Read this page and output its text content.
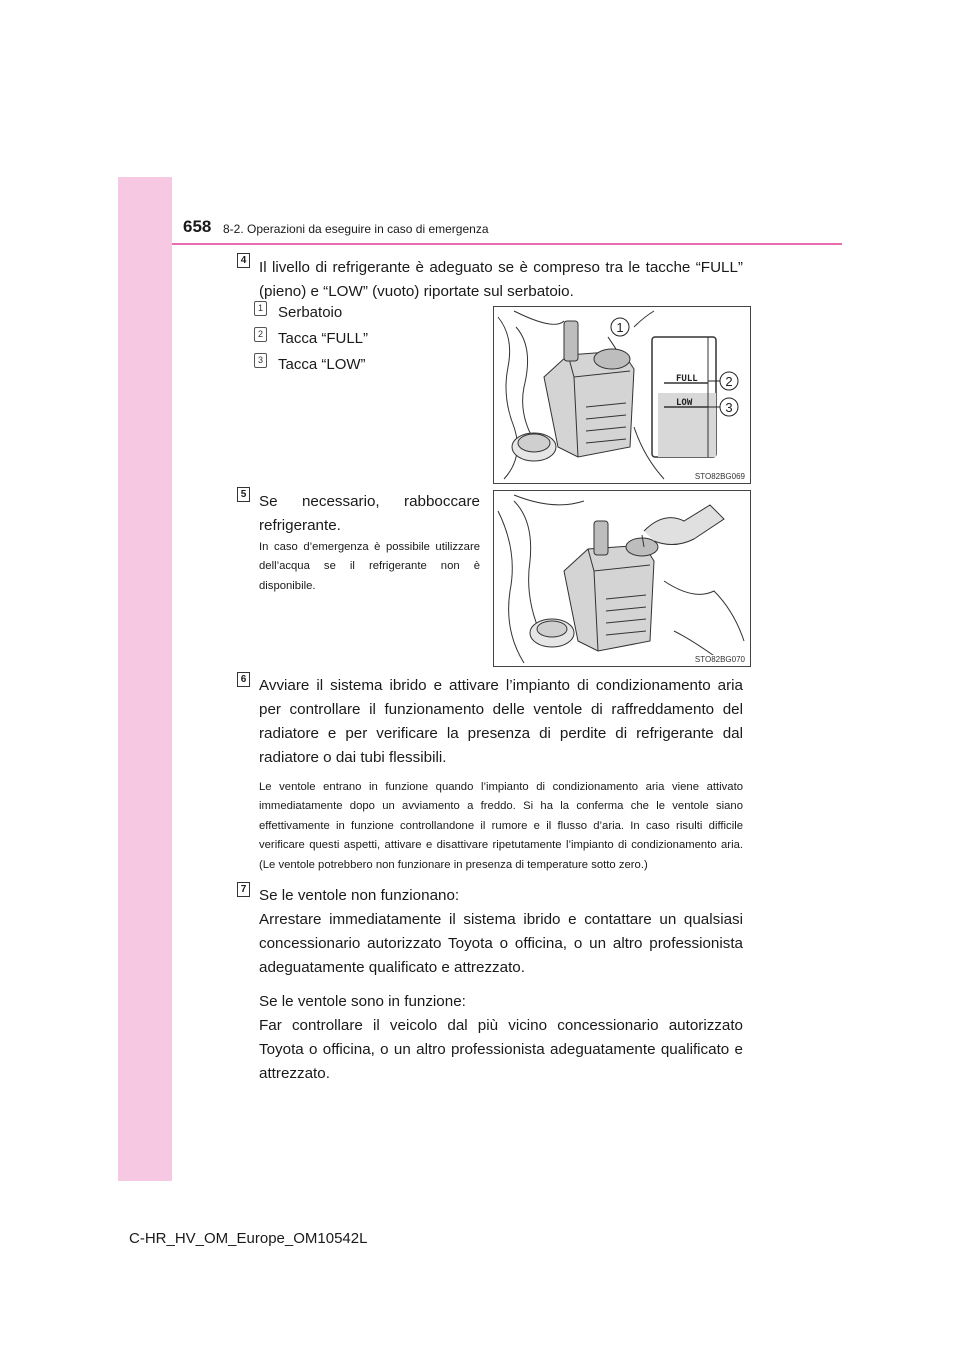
658 8-2. Operazioni da eseguire in caso di emergenza
4 Il livello di refrigerante è adeguato se è compreso tra le tacche “FULL” (pieno) e “LOW” (vuoto) riportate sul serbatoio.
1 Serbatoio
2 Tacca “FULL”
3 Tacca “LOW”
FULL
LOW
1
2
3
STO82BG069
5 Se necessario, rabboccare refrigerante.
In caso d’emergenza è possibile utilizzare dell’acqua se il refrigerante non è disponibile.
STO82BG070
6 Avviare il sistema ibrido e attivare l’impianto di condizionamento aria per controllare il funzionamento delle ventole di raffreddamento del radiatore e per verificare la presenza di perdite di refrigerante dal radiatore o dai tubi flessibili.
Le ventole entrano in funzione quando l’impianto di condizionamento aria viene attivato immediatamente dopo un avviamento a freddo. Si ha la conferma che le ventole siano effettivamente in funzione controllandone il rumore e il flusso d’aria. In caso risulti difficile verificare questi aspetti, attivare e disattivare ripetutamente l’impianto di condizionamento aria. (Le ventole potrebbero non funzionare in presenza di temperature sotto zero.)
7 Se le ventole non funzionano:
Arrestare immediatamente il sistema ibrido e contattare un qualsiasi concessionario autorizzato Toyota o officina, o un altro professionista adeguatamente qualificato e attrezzato.
Se le ventole sono in funzione:
Far controllare il veicolo dal più vicino concessionario autorizzato Toyota o officina, o un altro professionista adeguatamente qualificato e attrezzato.
C-HR_HV_OM_Europe_OM10542L
